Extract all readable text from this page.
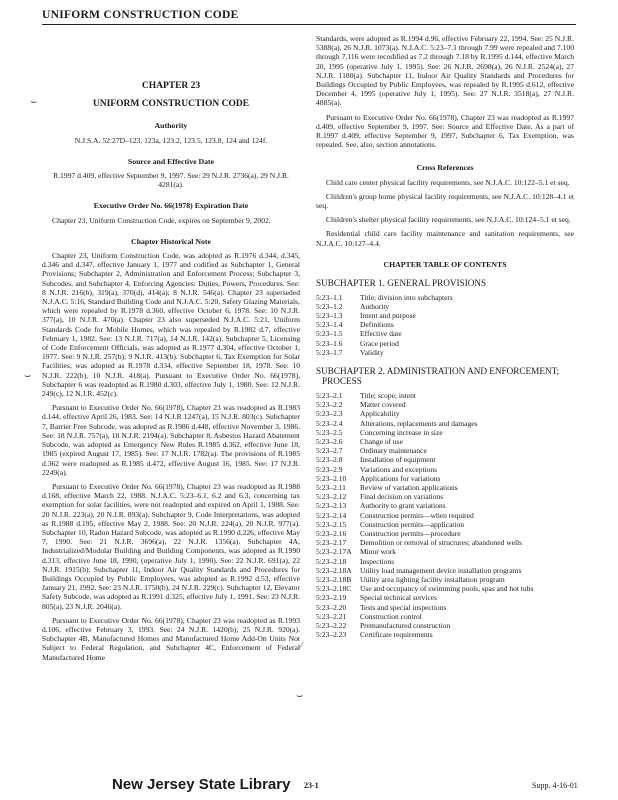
UNIFORM CONSTRUCTION CODE
⌣
⌣
⁄
⌣
CHAPTER 23
UNIFORM CONSTRUCTION CODE
Authority

N.J.S.A. 52:27D–123, 123a, 123.2, 123.5, 123.8, 124 and 124f.

Source and Effective Date

R.1997 d.409, effective September 9, 1997. See: 29 N.J.R. 2736(a), 29 N.J.R. 4281(a).

Executive Order No. 66(1978) Expiration Date

Chapter 23, Uniform Construction Code, expires on September 9, 2002.

Chapter Historical Note

Chapter 23, Uniform Construction Code, was adopted as R.1976 d.344, d.345, d.346 and d.347, effective January 1, 1977 and codified as Subchapter 1, General Provisions; Subchapter 2, Administration and Enforcement Process; Subchapter 3, Subcodes, and Subchapter 4, Enforcing Agencies: Duties, Powers, Procedures. See: 8 N.J.R. 216(b), 319(a), 370(d), 414(a); 8 N.J.R. 546(a). Chapter 23 superseded N.J.A.C. 5:16, Standard Building Code and N.J.A.C. 5:20, Safety Glazing Materials, which were repealed by R.1978 d.360, effective October 6, 1978. See: 10 N.J.R. 377(a), 10 N.J.R. 470(a). Chapter 23 also superseded N.J.A.C. 5:21, Uniform Standards Code for Mobile Homes, which was repealed by R.1982 d.7, effective February 1, 1982. See: 13 N.J.R. 717(a), 14 N.J.R. 142(a). Subchapter 5, Licensing of Code Enforcement Officials, was adopted as R.1977 d.304, effective October 1, 1977. See: 9 N.J.R. 257(b); 9 N.J.R. 413(b). Subchapter 6, Tax Exemption for Solar Facilities, was adopted as R.1978 d.334, effective September 18, 1978. See: 10 N.J.R. 222(b), 10 N.J.R. 418(a). Pursuant to Executive Order No. 66(1978), Subchapter 6 was readopted as R.1980 d.303, effective July 1, 1980. See: 12 N.J.R. 249(c), 12 N.J.R. 452(c).

Pursuant to Executive Order No. 66(1978), Chapter 23 was readopted as R.1983 d.144, effective April 26, 1983. See: 14 N.J.R 1247(a), 15 N.J.R. 803(c). Subchapter 7, Barrier Free Subcode, was adopted as R.1986 d.448, effective November 3, 1986. See: 18 N.J.R. 757(a), 18 N.J.R. 2194(a). Subchapter 8, Asbestos Hazard Abatement Subcode, was adopted as Emergency New Rules R.1985 d.362, effective June 18, 1985 (expired August 17, 1985). See: 17 N.J.R. 1782(a). The provisions of R.1985 d.362 were readopted as R.1985 d.472, effective August 16, 1985. See: 17 N.J.R. 2249(a).

Pursuant to Executive Order No. 66(1978), Chapter 23 was readopted as R.1988 d.168, effective March 22, 1988. N.J.A.C. 5:23–6.1, 6.2 and 6.3, concerning tax exemption for solar facilities, were not readopted and expired on April 1, 1988. See: 20 N.J.R. 223(a), 20 N.J.R. 893(a). Subchapter 9, Code Interpretations, was adopted as R.1988 d.195, effective May 2, 1988. See: 20 N.J.R. 224(a), 20 N.J.R. 977(a). Subchapter 10, Radon Hazard Subcode, was adopted as R.1990 d.226, effective May 7, 1990. See: 21 N.J.R. 3696(a), 22 N.J.R. 1356(a). Subchapter 4A, Industrialized/Modular Building and Building Components, was adopted as R.1990 d.313, effective June 18, 1990, (operative July 1, 1990). See: 22 N.J.R. 691(a), 22 N.J.R. 1915(b). Subchapter 11, Indoor Air Quality Standards and Procedures for Buildings Occupied by Public Employees, was adopted as R.1992 d.53, effective January 21, 1992. See: 23 N.J.R. 1750(b), 24 N.J.R. 229(c). Subchapter 12, Elevator Safety Subcode, was adopted as R.1991 d.325, effective July 1, 1991. See: 23 N.J.R. 805(a), 23 N.J.R. 2046(a).

Pursuant to Executive Order No. 66(1978), Chapter 23 was readopted as R.1993 d.106, effective February 3, 1993. See: 24 N.J.R. 1420(b), 25 N.J.R. 920(a). Subchapter 4B, Manufactured Homes and Manufactured Home Add-On Units Not Subject to Federal Regulation, and Subchapter 4C, Enforcement of Federal Manufactured Home

Standards, were adopted as R.1994 d.96, effective February 22, 1994. See: 25 N.J.R. 5388(a), 26 N.J.R. 1073(a). N.J.A.C. 5:23–7.1 through 7.99 were repealed and 7.100 through 7.116 were recodified as 7.2 through 7.18 by R.1995 d.144, effective March 20, 1995 (operative July 1, 1995). See: 26 N.J.R. 2698(a), 26 N.J.R. 2524(a), 27 N.J.R. 1180(a). Subchapter 11, Indoor Air Quality Standards and Procedures for Buildings Occupied by Public Employees, was repealed by R.1995 d.612, effective December 4, 1995 (operative July 1, 1995). See: 27 N.J.R. 3518(a), 27 N.J.R. 4885(a).

Pursuant to Executive Order No. 66(1978), Chapter 23 was readopted as R.1997 d.409, effective September 9, 1997. See: Source and Effective Date. As a part of R.1997 d.409, effective September 9, 1997, Subchapter 6, Tax Exemption, was repealed. See, also, section annotations.

Cross References

Child care center physical facility requirements, see N.J.A.C. 10:122–5.1 et seq.

Children's group home physical facility requirements, see N.J.A.C. 10:128–4.1 et seq.

Children's shelter physical facility requirements, see N.J.A.C. 10:124–5.1 et seq.

Residential child care facility maintenance and sanitation requirements, see N.J.A.C. 10:127–4.4.

CHAPTER TABLE OF CONTENTS
SUBCHAPTER 1. GENERAL PROVISIONS
5:23–1.1	Title; division into subchapters
5:23–1.2	Authority
5:23–1.3	Intent and purpose
5:23–1.4	Definitions
5:23–1.5	Effective date
5:23–1.6	Grace period
5:23–1.7	Validity
SUBCHAPTER 2. ADMINISTRATION AND ENFORCEMENT; PROCESS
5:23–2.1	Title; scope; intent
5:23–2.2	Matter covered
5:23–2.3	Applicability
5:23–2.4	Alterations, replacements and damages
5:23–2.5	Concerning increase in size
5:23–2.6	Change of use
5:23–2.7	Ordinary maintenance
5:23–2.8	Installation of equipment
5:23–2.9	Variations and exceptions
5:23–2.10	Applications for variations
5:23–2.11	Review of variation applications
5:23–2.12	Final decision on variations
5:23–2.13	Authority to grant variations
5:23–2.14	Construction permits—when required
5:23–2.15	Construction permits—application
5:23–2.16	Construction permits—procedure
5:23–2.17	Demolition or removal of structures; abandoned wells
5:23–2.17A	Minor work
5:23–2.18	Inspections
5:23–2.18A	Utility load management device installation programs
5:23–2.18B	Utility area lighting facility installation program
5:23–2.18C	Use and occupancy of swimming pools, spas and hot tubs
5:23–2.19	Special technical services
5:23–2.20	Tests and special inspections
5:23–2.21	Construction control
5:23–2.22	Premanufactured construction
5:23–2.23	Certificate requirements
New Jersey State Library 23-1	Supp. 4-16-01
